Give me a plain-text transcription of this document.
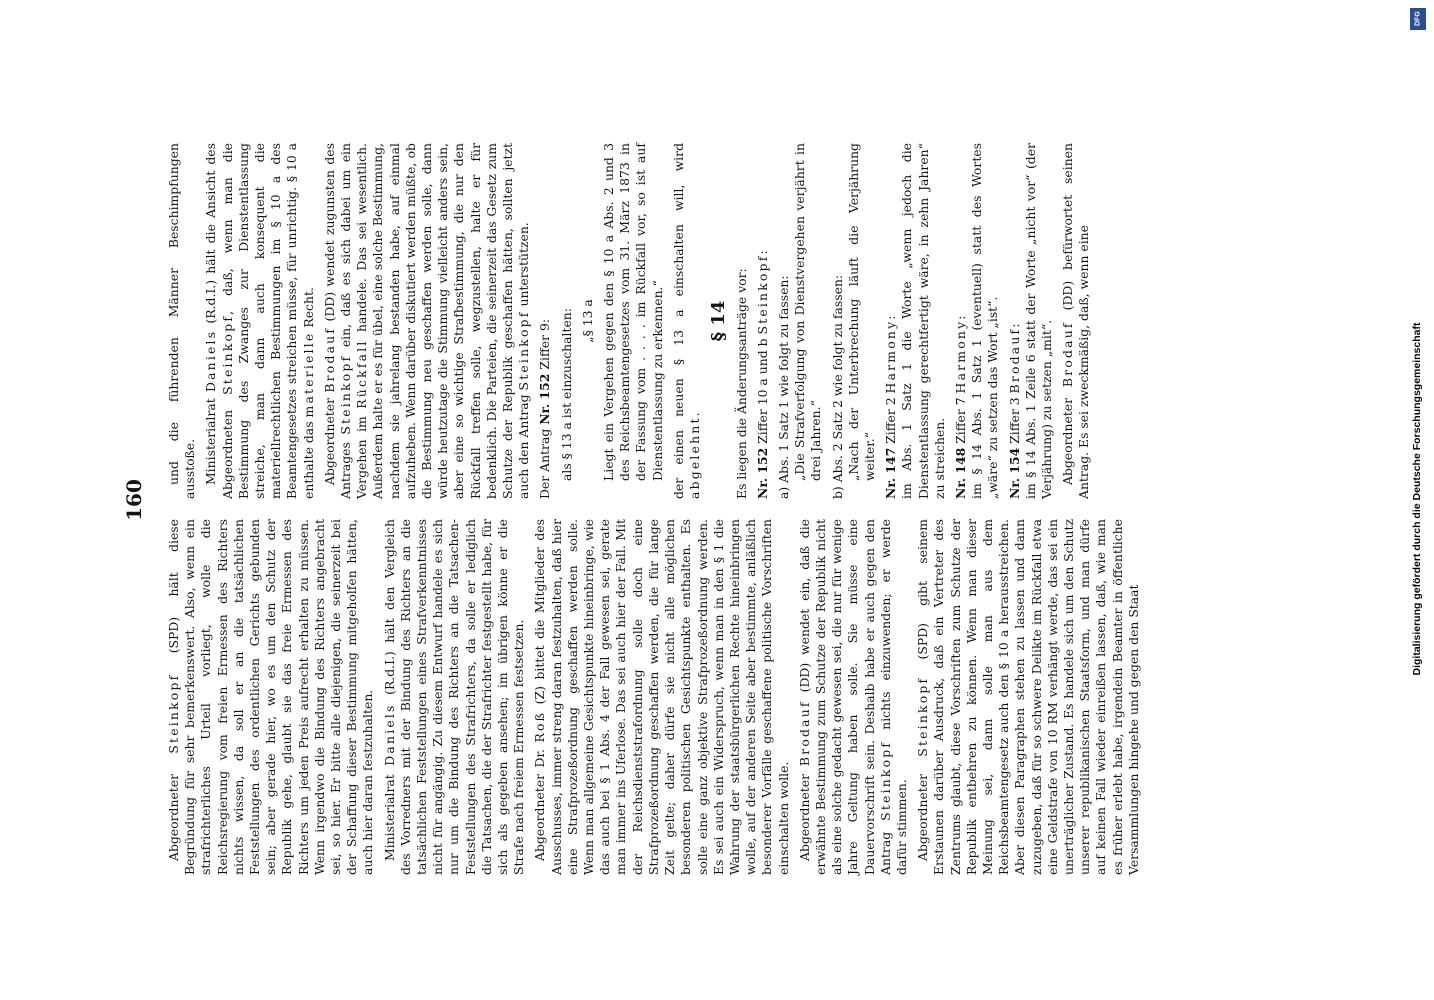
160

Abgeordneter Steinkopf (SPD) hält diese Begründung für sehr bemerkenswert. Also, wenn ein strafrichterliches Urteil vorliegt, wolle die Reichsregierung vom freien Ermessen des Richters nichts wissen, da soll er an die tatsächlichen Feststellungen des ordentlichen Gerichts gebunden sein; aber gerade hier, wo es um den Schutz der Republik gehe, glaubt sie das freie Ermessen des Richters um jeden Preis aufrecht erhalten zu müssen. Wenn irgendwo die Bindung des Richters angebracht sei, so hier. Er bitte alle diejenigen, die seinerzeit bei der Schaffung dieser Bestimmung mitgeholfen hätten, auch hier daran festzuhalten. Ministerialrat Daniels (R.d.I.) hält den Vergleich des Vorredners mit der Bindung des Richters an die tatsächlichen Feststellungen eines Strafverkenntnisses nicht für angängig. Zu diesem Entwurf handele es sich nur um die Bindung des Richters an die Tatsachen-Feststellungen des Strafrichters, da solle er lediglich die Tatsachen, die der Strafrichter festgestellt habe, für sich als gegeben ansehen; im übrigen könne er die Strafe nach freiem Ermessen festsetzen. Abgeordneter Dr. Roß (Z) bittet die Mitglieder des Ausschusses, immer streng daran festzuhalten, daß hier eine Strafprozeßordnung geschaffen werden solle. Wenn man allgemeine Gesichtspunkte hineinbringe, wie das auch bei § 1 Abs. 4 der Fall gewesen sei, gerate man immer ins Uferlose. Das sei auch hier der Fall. Mit der Reichsdienststrafordnung solle doch eine Strafprozeßordnung geschaffen werden, die für lange Zeit gelte; daher dürfe sie nicht alle möglichen besonderen politischen Gesichtspunkte enthalten. Es solle eine ganz objektive Strafprozeßordnung werden. Es sei auch ein Widerspruch, wenn man in den § 1 die Wahrung der staatsbürgerlichen Rechte hineinbringen wolle, auf der anderen Seite aber bestimmte, anläßlich besonderer Vorfälle geschaffene politische Vorschriften einschalten wolle. Abgeordneter Brodauf (DD) wendet ein, daß die erwähnte Bestimmung zum Schutze der Republik nicht als eine solche gedacht gewesen sei, die nur für wenige Jahre Geltung haben solle. Sie müsse eine Dauervorschrift sein. Deshalb habe er auch gegen den Antrag Steinkopf nichts einzuwenden; er werde dafür stimmen. Abgeordneter Steinkopf (SPD) gibt seinem Erstaunen darüber Ausdruck, daß ein Vertreter des Zentrums glaubt, diese Vorschriften zum Schutze der Republik entbehren zu können. Wenn man dieser Meinung sei, dann solle man aus dem Reichsbeamtengesetz auch den § 10 a herausstreichen. Aber diesen Paragraphen stehen zu lassen und dann zuzugeben, daß für so schwere Delikte im Rückfall etwa eine Geldstrafe von 10 RM verhängt werde, das sei ein unerträglicher Zustand. Es handele sich um den Schutz unserer republikanischen Staatsform, und man dürfe auf keinen Fall wieder einreißen lassen, daß, wie man es früher erlebt habe, irgendein Beamter in öffentliche Versammlungen hingehe und gegen den Staat

und die führenden Männer Beschimpfungen ausstoße. Ministerialrat Daniels (R.d.I.) hält die Ansicht des Abgeordneten Steinkopf, daß, wenn man die Bestimmung des Zwanges zur Dienstentlassung streiche, man dann auch konsequent die materiellrechtlichen Bestimmungen im § 10 a des Beamtengesetzes streichen müsse, für unrichtig. § 10 a enthalte das materielle Recht.

Abgeordneter Brodauf (DD) wendet zugunsten des Antrages Steinkopf ein, daß es sich dabei um ein Vergehen im Rückfall handele. Das sei wesentlich. Außerdem halte er es für übel, eine solche Bestimmung, nachdem sie jahrelang bestanden habe, auf einmal aufzuheben. Wenn darüber diskutiert werden müßte, ob die Bestimmung neu geschaffen werden solle, dann würde heutzutage die Stimmung vielleicht anders sein, aber eine so wichtige Strafbestimmung, die nur den Rückfall treffen solle, wegzustellen, halte er für bedenklich. Die Parteien, die seinerzeit das Gesetz zum Schutze der Republik geschaffen hätten, sollten jetzt auch den Antrag Steinkopf unterstützen.

Der Antrag Nr. 152 Ziffer 9: als § 13 a ist einzuschalten: „§ 13 a Liegt ein Vergehen gegen den § 10 a Abs. 2 und 3 des Reichsbeamtengesetzes vom 31. März 1873 in der Fassung vom . . . . im Rückfall vor, so ist auf Dienstentlassung zu erkennen.“ der einen neuen § 13 a einschalten will, wird abgelehnt.

§ 14 Es liegen die Änderungsanträge vor: Nr. 152 Ziffer 10 a und b Steinkopf:

a) Abs. 1 Satz 1 wie folgt zu fassen:
„Die Strafverfolgung von Dienstvergehen verjährt in drei Jahren.“ b) Abs. 2 Satz 2 wie folgt zu fassen:
„Nach der Unterbrechung läuft die Verjährung weiter.“ Nr. 147 Ziffer 2 Harmony:
im Abs. 1 Satz 1 die Worte „wenn jedoch die Dienstentlassung gerechtfertigt wäre, in zehn Jahren“ zu streichen. Nr. 148 Ziffer 7 Harmony:
im § 14 Abs. 1 Satz 1 (eventuell) statt des Wortes „wäre“ zu setzen das Wort „ist“. Nr. 154 Ziffer 3 Brodauf:
im § 14 Abs. 1 Zeile 6 statt der Worte „nicht vor“ (der Verjährung) zu setzen „mit“. Abgeordneter Brodauf (DD) befürwortet seinen Antrag. Es sei zweckmäßig, daß, wenn eine	Digitalisierung gefördert durch die Deutsche Forschungsgemeinschaft
DFG
